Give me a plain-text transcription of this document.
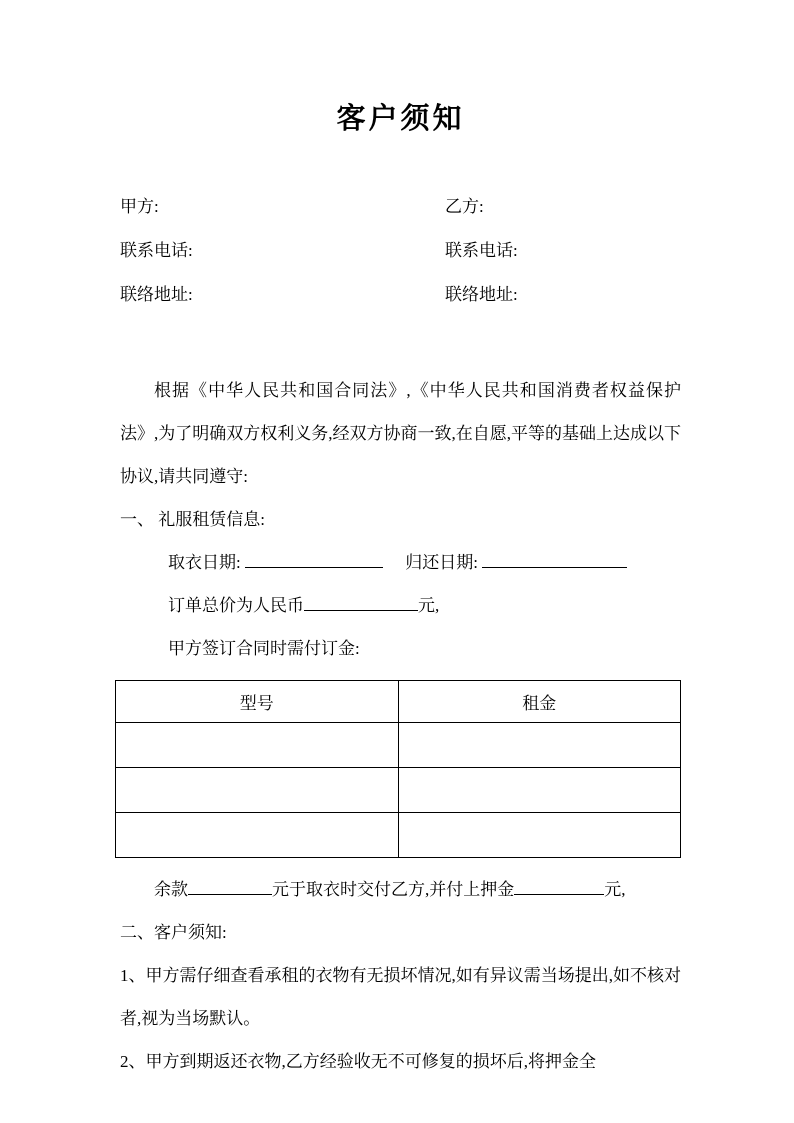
客户须知
甲方:	乙方:
联系电话:	联系电话:
联络地址:	联络地址:

根据《中华人民共和国合同法》,《中华人民共和国消费者权益保护法》,为了明确双方权利义务,经双方协商一致,在自愿,平等的基础上达成以下协议,请共同遵守:

一、 礼服租赁信息:

取衣日期:	归还日期:

订单总价为人民币	元,

甲方签订合同时需付订金:

型号	租金

余款	元于取衣时交付乙方,并付上押金	元,

二、客户须知:

1、甲方需仔细查看承租的衣物有无损坏情况,如有异议需当场提出,如不核对者,视为当场默认。

2、甲方到期返还衣物,乙方经验收无不可修复的损坏后,将押金全
